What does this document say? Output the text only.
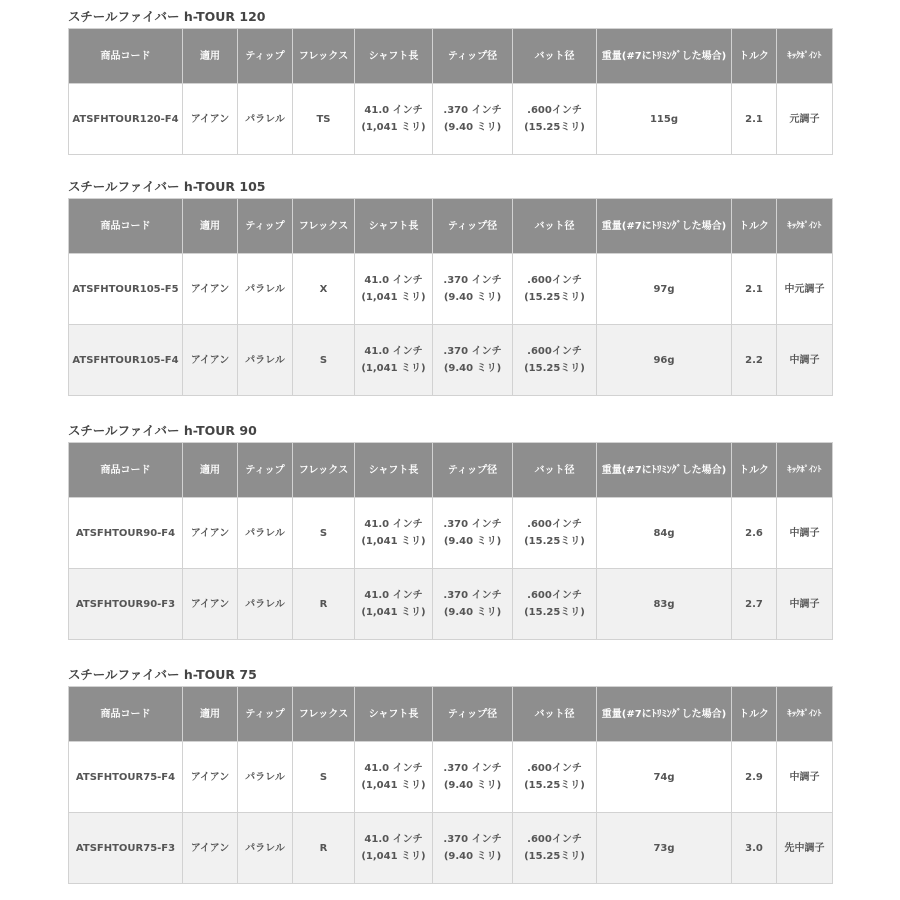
スチールファイバー h-TOUR 120
商品コード	適用	ティップ	フレックス	シャフト長	ティップ径	バット径	重量(#7にﾄﾘﾐﾝｸﾞした場合)	トルク	ｷｯｸﾎﾟｲﾝﾄ
ATSFHTOUR120-F4	アイアン	パラレル	TS	41.0 インチ (1,041 ミリ)	.370 インチ (9.40 ミリ)	.600インチ (15.25ミリ)	115g	2.1	元調子
スチールファイバー h-TOUR 105
商品コード	適用	ティップ	フレックス	シャフト長	ティップ径	バット径	重量(#7にﾄﾘﾐﾝｸﾞした場合)	トルク	ｷｯｸﾎﾟｲﾝﾄ
ATSFHTOUR105-F5	アイアン	パラレル	X	41.0 インチ (1,041 ミリ)	.370 インチ (9.40 ミリ)	.600インチ (15.25ミリ)	97g	2.1	中元調子
ATSFHTOUR105-F4	アイアン	パラレル	S	41.0 インチ (1,041 ミリ)	.370 インチ (9.40 ミリ)	.600インチ (15.25ミリ)	96g	2.2	中調子
スチールファイバー h-TOUR 90
商品コード	適用	ティップ	フレックス	シャフト長	ティップ径	バット径	重量(#7にﾄﾘﾐﾝｸﾞした場合)	トルク	ｷｯｸﾎﾟｲﾝﾄ
ATSFHTOUR90-F4	アイアン	パラレル	S	41.0 インチ (1,041 ミリ)	.370 インチ (9.40 ミリ)	.600インチ (15.25ミリ)	84g	2.6	中調子
ATSFHTOUR90-F3	アイアン	パラレル	R	41.0 インチ (1,041 ミリ)	.370 インチ (9.40 ミリ)	.600インチ (15.25ミリ)	83g	2.7	中調子
スチールファイバー h-TOUR 75
商品コード	適用	ティップ	フレックス	シャフト長	ティップ径	バット径	重量(#7にﾄﾘﾐﾝｸﾞした場合)	トルク	ｷｯｸﾎﾟｲﾝﾄ
ATSFHTOUR75-F4	アイアン	パラレル	S	41.0 インチ (1,041 ミリ)	.370 インチ (9.40 ミリ)	.600インチ (15.25ミリ)	74g	2.9	中調子
ATSFHTOUR75-F3	アイアン	パラレル	R	41.0 インチ (1,041 ミリ)	.370 インチ (9.40 ミリ)	.600インチ (15.25ミリ)	73g	3.0	先中調子
